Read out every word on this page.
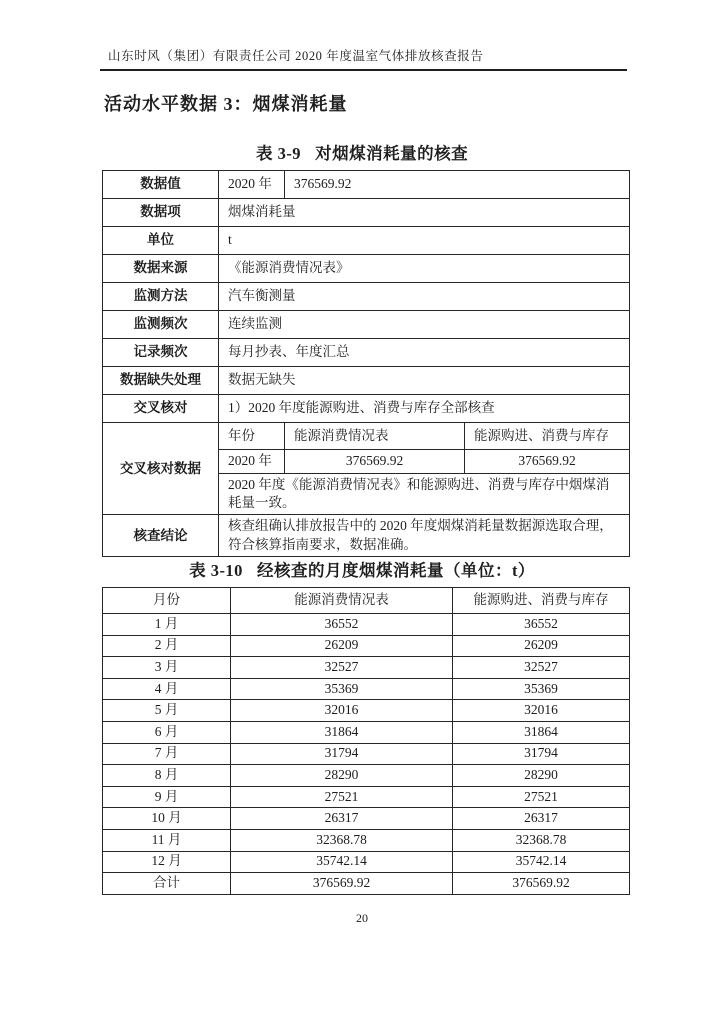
山东时风（集团）有限责任公司 2020 年度温室气体排放核查报告
活动水平数据 3：烟煤消耗量
表 3-9 对烟煤消耗量的核查
数据值	2020 年	376569.92	
数据项	烟煤消耗量		
单位	t		
数据来源	《能源消费情况表》		
监测方法	汽车衡测量		
监测频次	连续监测		
记录频次	每月抄表、年度汇总		
数据缺失处理	数据无缺失		
交叉核对	1）2020 年度能源购进、消费与库存全部核查		
交叉核对数据	年份	能源消费情况表	能源购进、消费与库存
	2020 年	376569.92	376569.92
	2020 年度《能源消费情况表》和能源购进、消费与库存中烟煤消耗量一致。		
核查结论	核查组确认排放报告中的 2020 年度烟煤消耗量数据源选取合理，符合核算指南要求，数据准确。		
表 3-10 经核查的月度烟煤消耗量（单位：t）
月份	能源消费情况表	能源购进、消费与库存
1 月	36552	36552
2 月	26209	26209
3 月	32527	32527
4 月	35369	35369
5 月	32016	32016
6 月	31864	31864
7 月	31794	31794
8 月	28290	28290
9 月	27521	27521
10 月	26317	26317
11 月	32368.78	32368.78
12 月	35742.14	35742.14
合计	376569.92	376569.92
20
